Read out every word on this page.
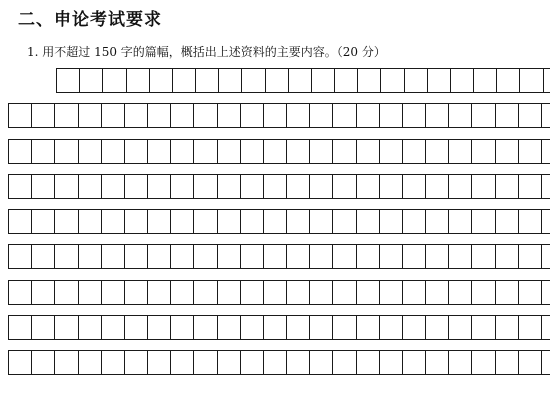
二、申论考试要求
1. 用不超过 150 字的篇幅，概括出上述资料的主要内容。（20 分）
